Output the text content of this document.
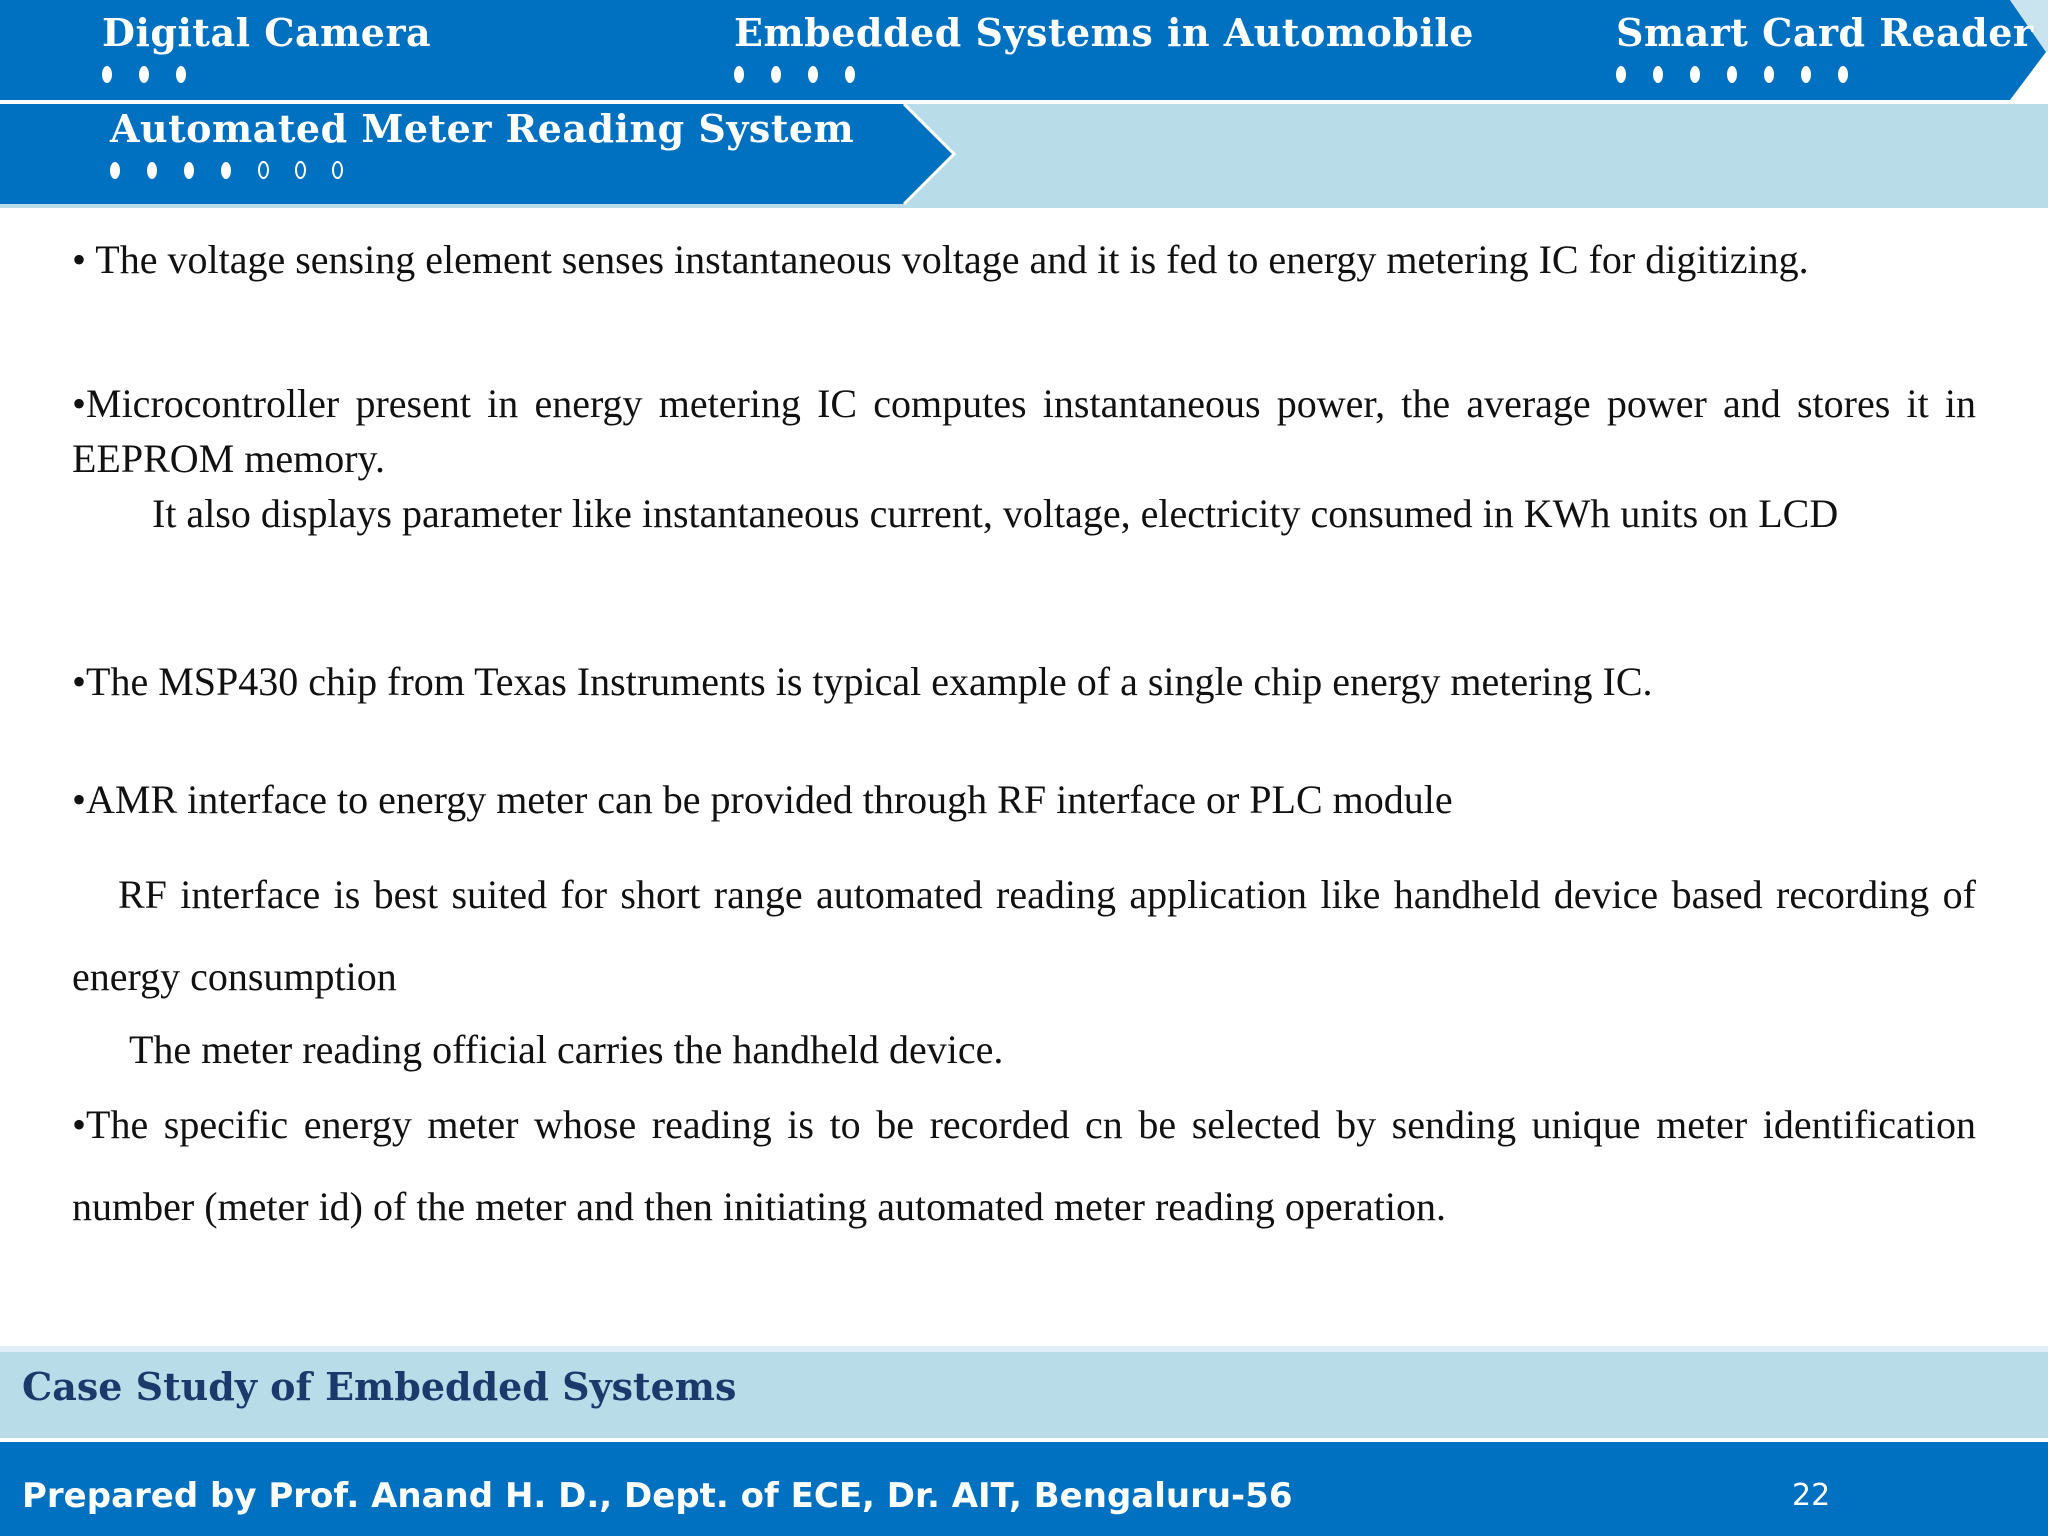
Digital Camera	Embedded Systems in Automobile	Smart Card Reader
Automated Meter Reading System

• The voltage sensing element senses instantaneous voltage and it is fed to energy metering IC for digitizing.

•Microcontroller present in energy metering IC computes instantaneous power, the average power and stores it in EEPROM memory.

It also displays parameter like instantaneous current, voltage, electricity consumed in KWh units on LCD

•The MSP430 chip from Texas Instruments is typical example of a single chip energy metering IC.

•AMR interface to energy meter can be provided through RF interface or PLC module

RF interface is best suited for short range automated reading application like handheld device based recording of energy consumption

The meter reading official carries the handheld device.

•The specific energy meter whose reading is to be recorded cn be selected by sending unique meter identification number (meter id) of the meter and then initiating automated meter reading operation.

Case Study of Embedded Systems
Prepared by Prof. Anand H. D., Dept. of ECE, Dr. AIT, Bengaluru-56	22
